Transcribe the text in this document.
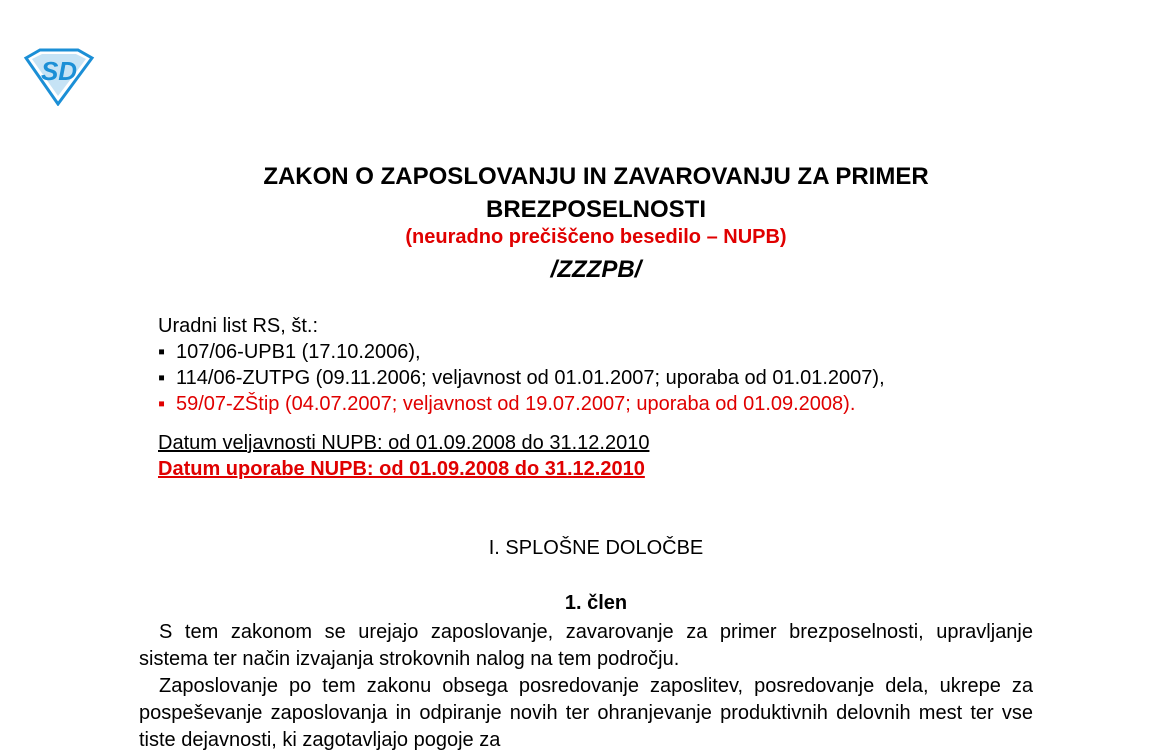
SD
ZAKON O ZAPOSLOVANJU IN ZAVAROVANJU ZA PRIMER
BREZPOSELNOSTI
(neuradno prečiščeno besedilo – NUPB)
/ZZZPB/
Uradni list RS, št.:
▪ 107/06-UPB1 (17.10.2006),
▪ 114/06-ZUTPG (09.11.2006; veljavnost od 01.01.2007; uporaba od 01.01.2007),
▪ 59/07-ZŠtip (04.07.2007; veljavnost od 19.07.2007; uporaba od 01.09.2008).
Datum veljavnosti NUPB: od 01.09.2008 do 31.12.2010
Datum uporabe NUPB: od 01.09.2008 do 31.12.2010
I. SPLOŠNE DOLOČBE
1. člen

S tem zakonom se urejajo zaposlovanje, zavarovanje za primer brezposelnosti, upravljanje sistema ter način izvajanja strokovnih nalog na tem področju.

Zaposlovanje po tem zakonu obsega posredovanje zaposlitev, posredovanje dela, ukrepe za pospeševanje zaposlovanja in odpiranje novih ter ohranjevanje produktivnih delovnih mest ter vse tiste dejavnosti, ki zagotavljajo pogoje za
